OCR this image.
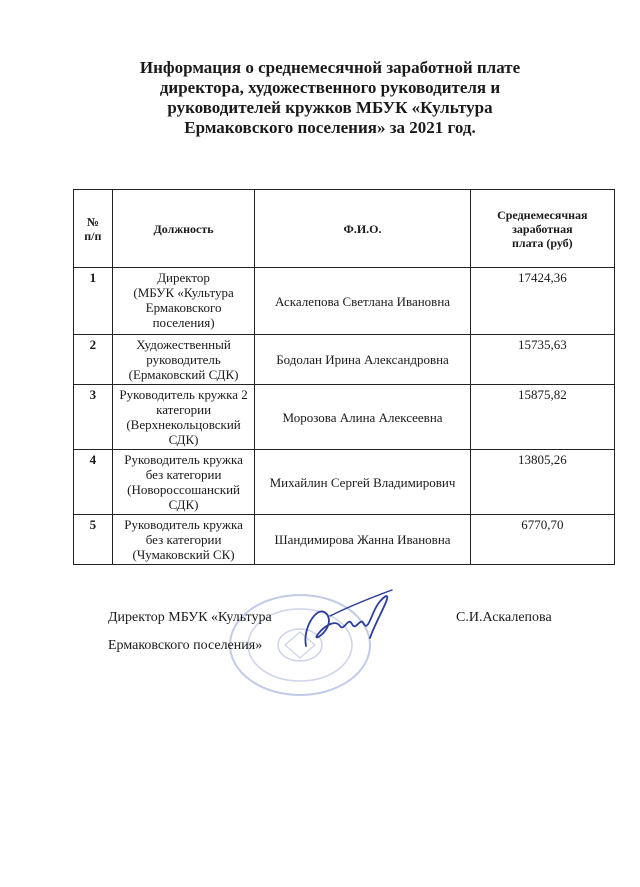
Информация о среднемесячной заработной плате
директора, художественного руководителя и
руководителей кружков МБУК «Культура
Ермаковского поселения» за 2021 год.
№
п/п	Должность	Ф.И.О.	Среднемесячная
заработная
плата (руб)

1	Директор
(МБУК «Культура
Ермаковского
поселения)	Аскалепова Светлана Ивановна	17424,36
2	Художественный
руководитель
(Ермаковский СДК)	Бодолан Ирина Александровна	15735,63
3	Руководитель кружка 2
категории
(Верхнекольцовский
СДК)	Морозова Алина Алексеевна	15875,82
4	Руководитель кружка
без категории
(Новороссошанский
СДК)	Михайлин Сергей Владимирович	13805,26
5	Руководитель кружка
без категории
(Чумаковский СК)	Шандимирова Жанна Ивановна	6770,70
Директор МБУК «Культура
Ермаковского поселения»
С.И.Аскалепова
